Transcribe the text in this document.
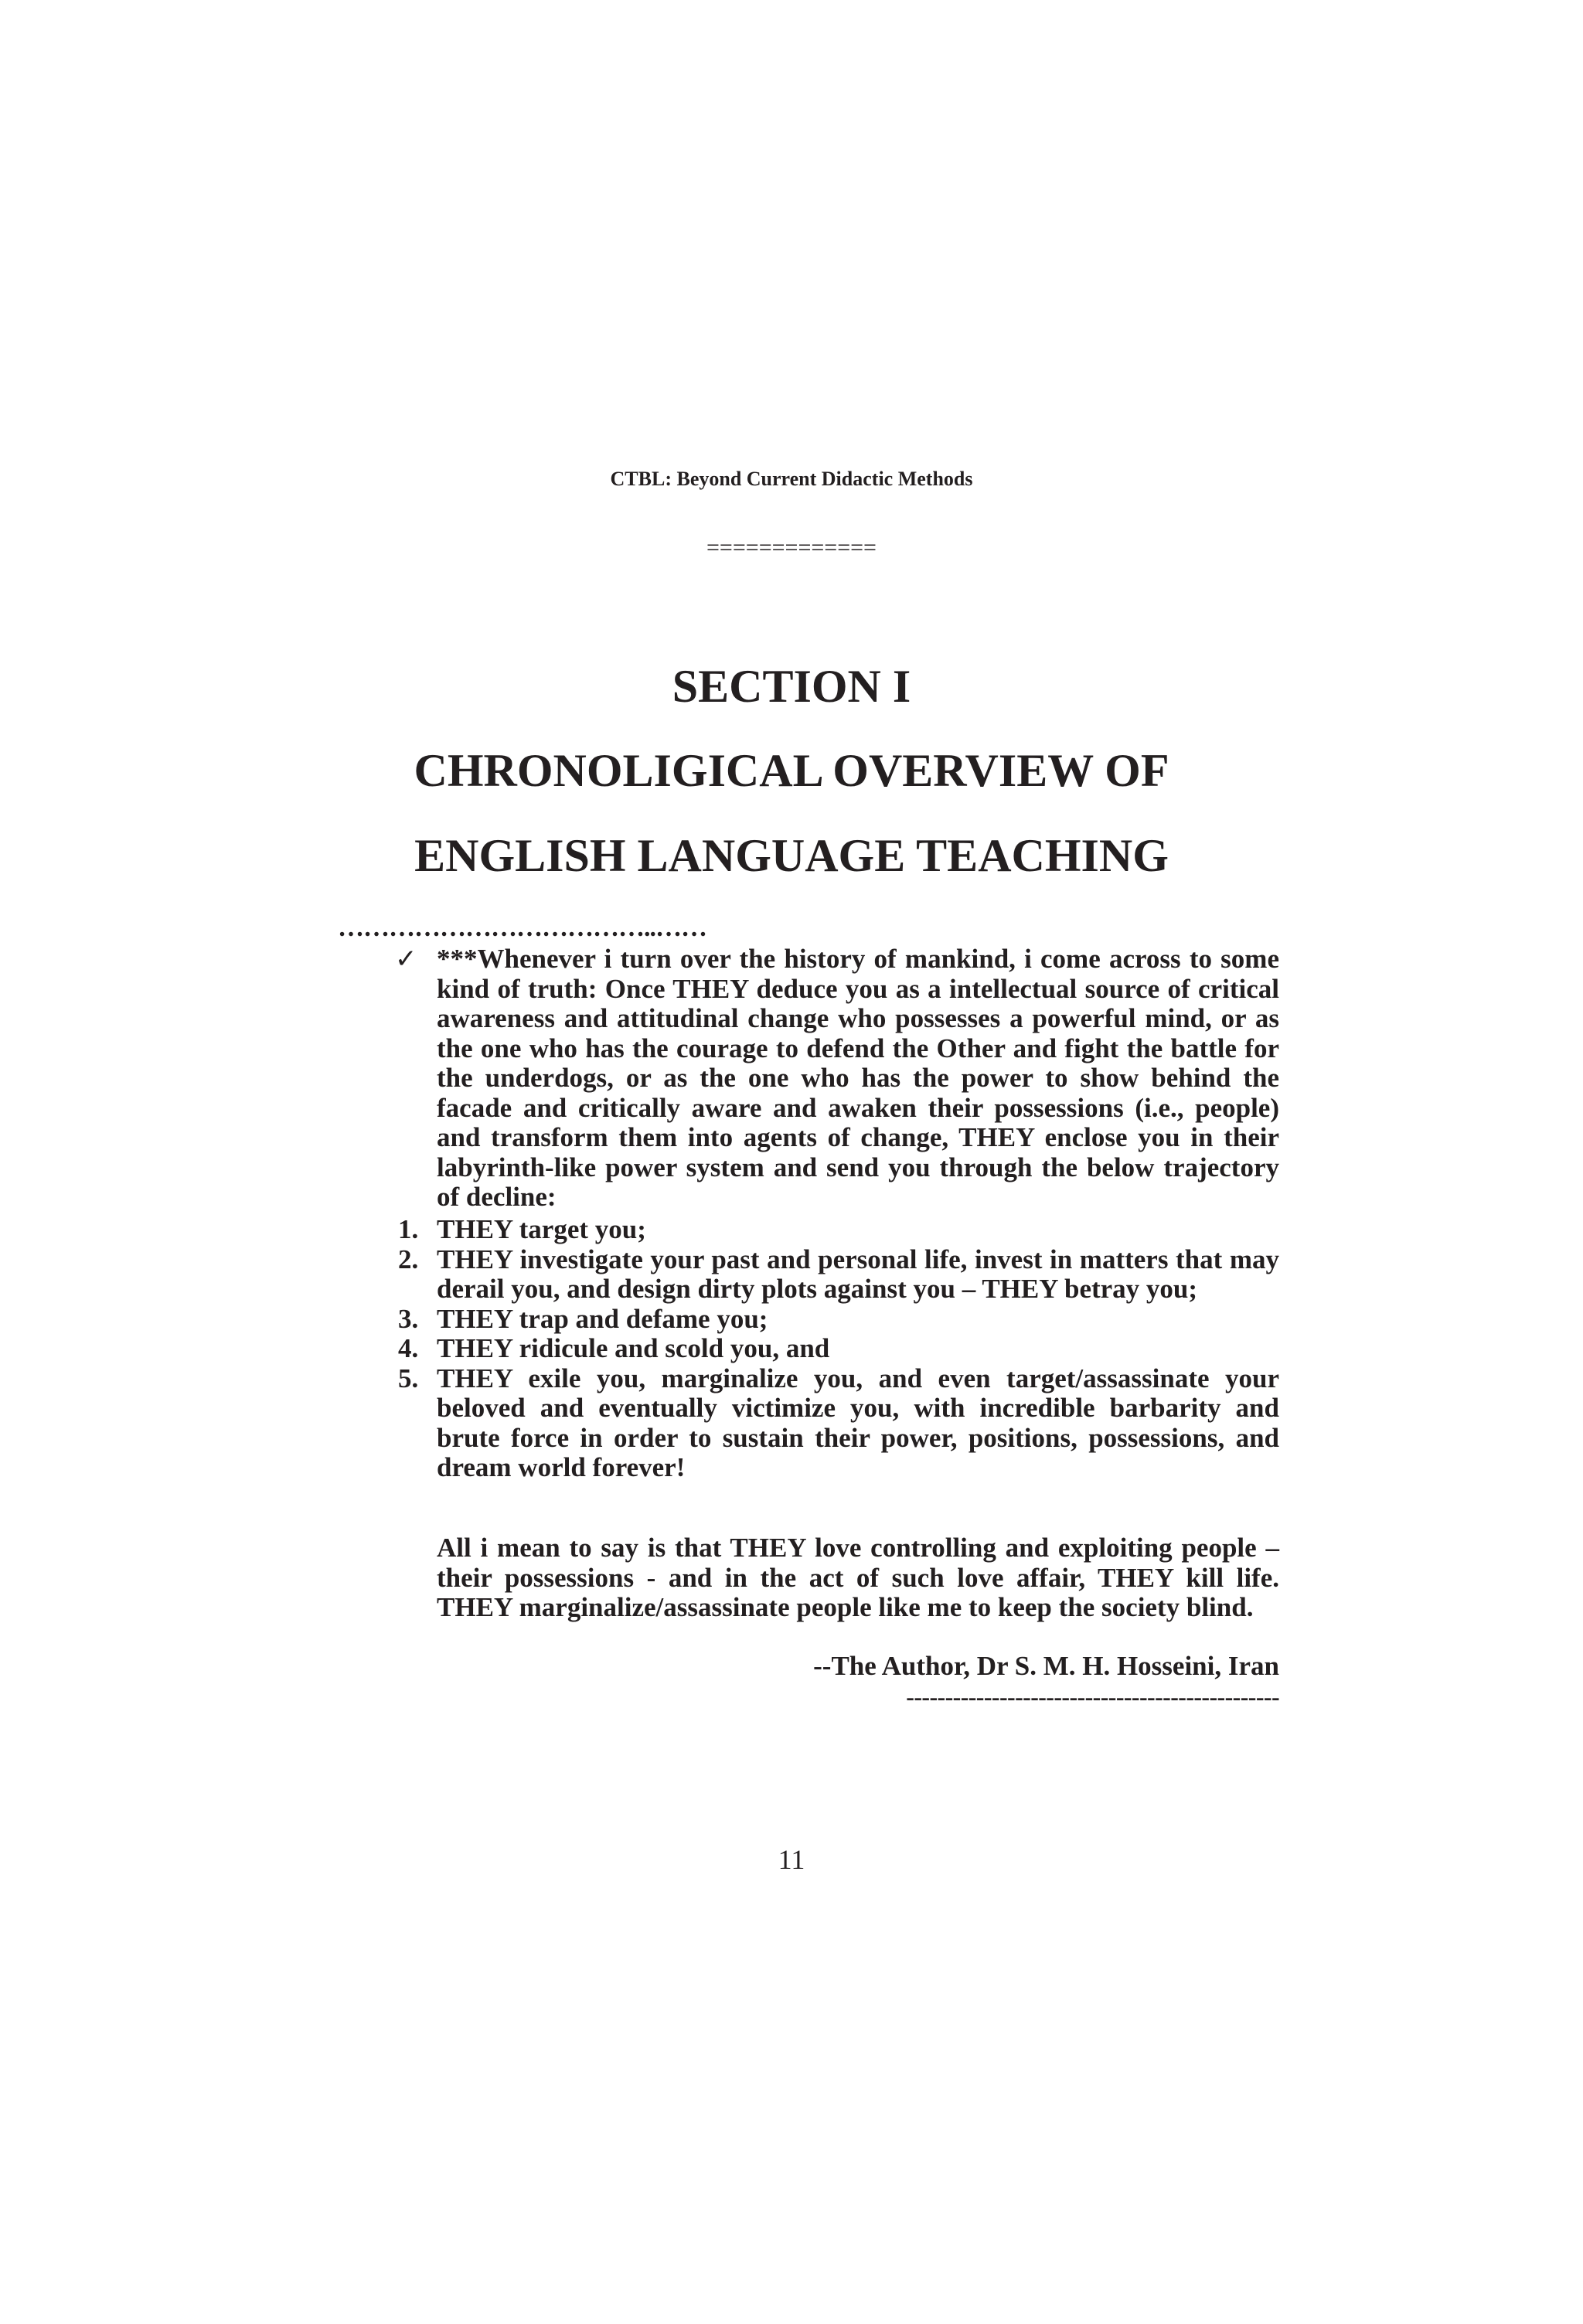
CTBL: Beyond Current Didactic Methods
=============
SECTION I
CHRONOLIGICAL OVERVIEW OF
ENGLISH LANGUAGE TEACHING
………………………………..……
✓ ***Whenever i turn over the history of mankind, i come across to some kind of truth: Once THEY deduce you as a intellectual source of critical awareness and attitudinal change who possesses a powerful mind, or as the one who has the courage to defend the Other and fight the battle for the underdogs, or as the one who has the power to show behind the facade and critically aware and awaken their possessions (i.e., people) and transform them into agents of change, THEY enclose you in their labyrinth-like power system and send you through the below trajectory of decline:
1. THEY target you;
2. THEY investigate your past and personal life, invest in matters that may derail you, and design dirty plots against you – THEY betray you;
3. THEY trap and defame you;
4. THEY ridicule and scold you, and
5. THEY exile you, marginalize you, and even target/assassinate your beloved and eventually victimize you, with incredible barbarity and brute force in order to sustain their power, positions, possessions, and dream world forever!
All i mean to say is that THEY love controlling and exploiting people – their possessions - and in the act of such love affair, THEY kill life. THEY marginalize/assassinate people like me to keep the society blind.
--The Author, Dr S. M. H. Hosseini, Iran
------------------------------------------------
11
